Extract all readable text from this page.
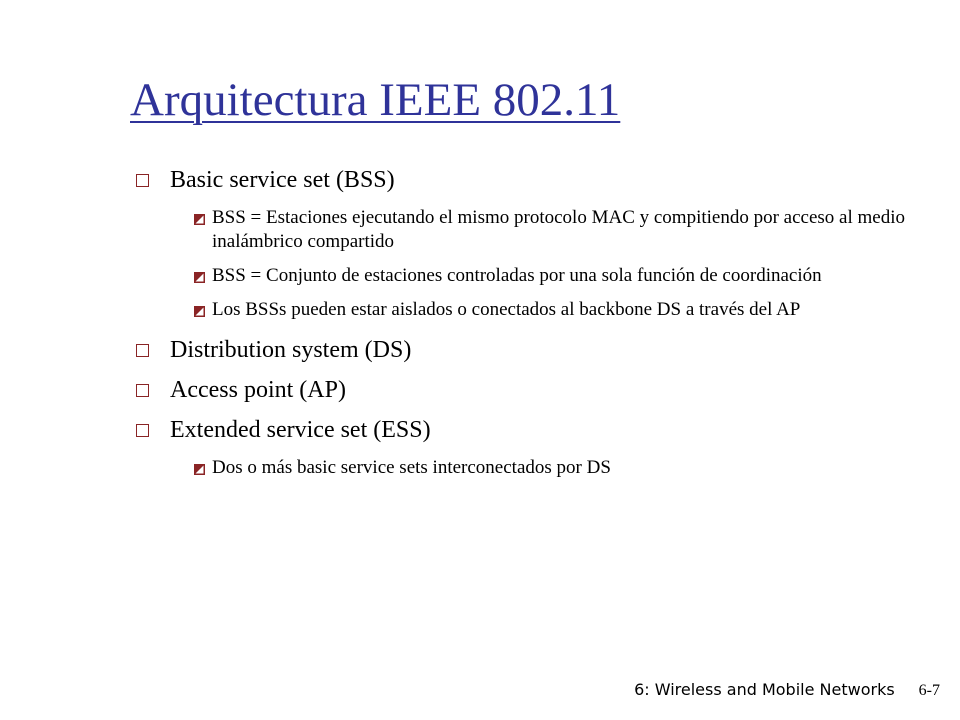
Arquitectura IEEE 802.11
Basic service set (BSS)
BSS = Estaciones ejecutando el mismo protocolo MAC y compitiendo por acceso al medio inalámbrico compartido
BSS = Conjunto de estaciones controladas por una sola función de coordinación
Los BSSs pueden estar aislados o conectados al backbone DS a través del AP
Distribution system (DS)
Access point (AP)
Extended service set (ESS)
Dos o más basic service sets interconectados por DS
6: Wireless and Mobile Networks 6-7
